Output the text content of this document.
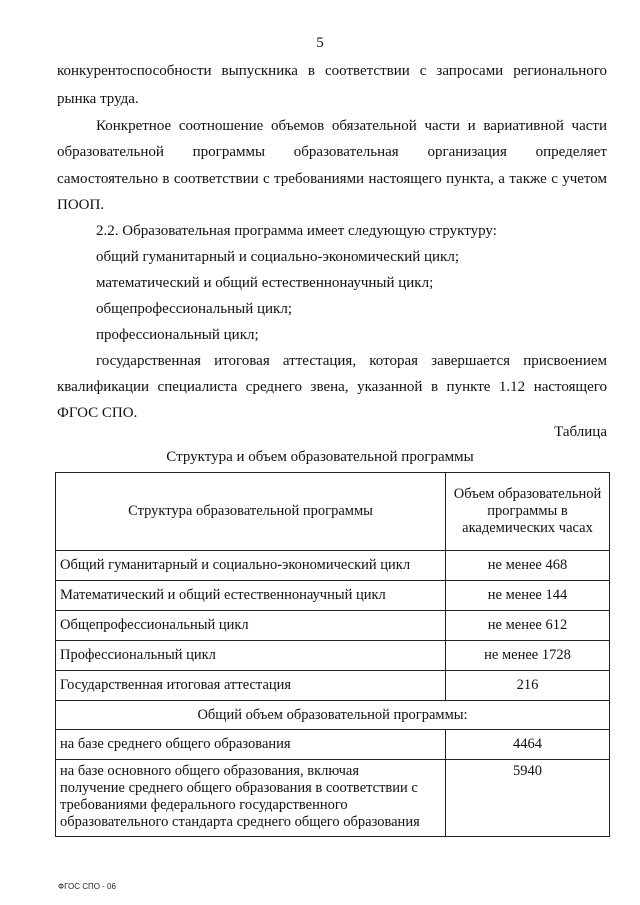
5
конкурентоспособности выпускника в соответствии с запросами регионального
рынка труда.
Конкретное соотношение объемов обязательной части и вариативной части
образовательной программы образовательная организация определяет
самостоятельно в соответствии с требованиями настоящего пункта, а также с учетом
ПООП.
2.2. Образовательная программа имеет следующую структуру:
общий гуманитарный и социально-экономический цикл;
математический и общий естественнонаучный цикл;
общепрофессиональный цикл;
профессиональный цикл;
государственная итоговая аттестация, которая завершается присвоением
квалификации специалиста среднего звена, указанной в пункте 1.12 настоящего
ФГОС СПО.
Таблица
Структура и объем образовательной программы
Структура образовательной программы	Объем образовательной
программы в
академических часах

Общий гуманитарный и социально-экономический цикл	не менее 468
Математический и общий естественнонаучный цикл	не менее 144
Общепрофессиональный цикл	не менее 612
Профессиональный цикл	не менее 1728
Государственная итоговая аттестация	216
Общий объем образовательной программы:	
на базе среднего общего образования	4464

на базе основного общего образования, включая
получение среднего общего образования в соответствии с
требованиями федерального государственного
образовательного стандарта среднего общего образования	5940
ФГОС СПО - 06
